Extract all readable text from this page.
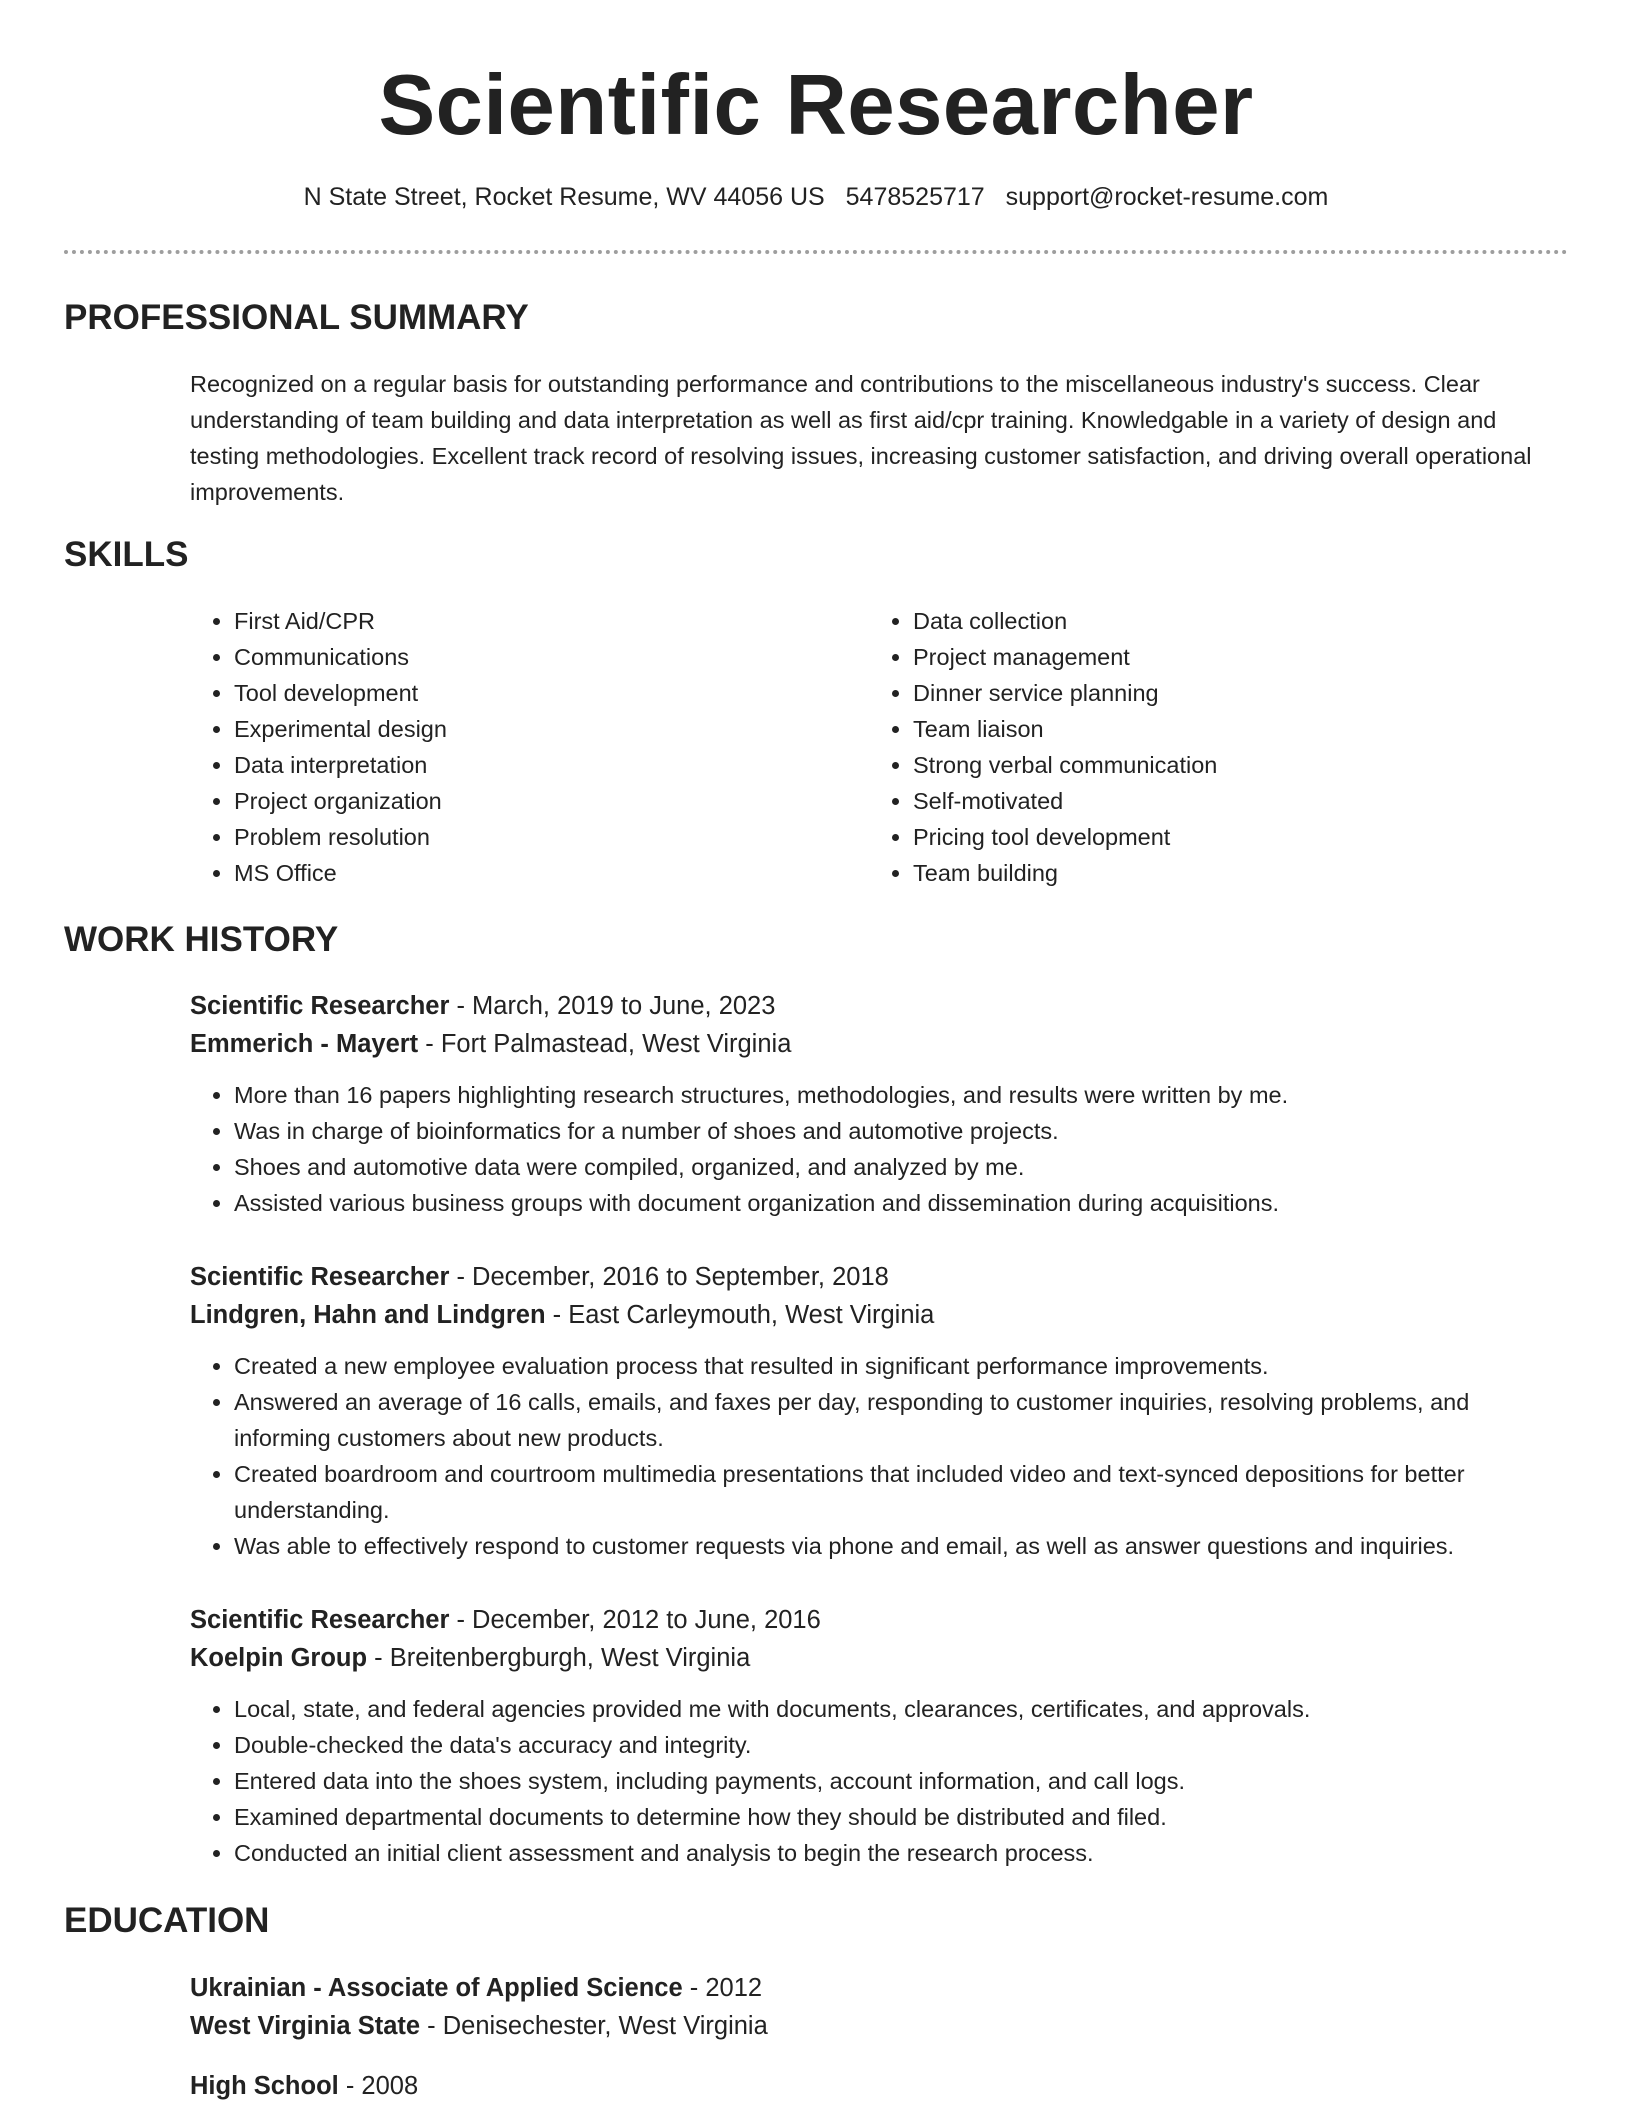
Scientific Researcher
N State Street, Rocket Resume, WV 44056 US 5478525717 support@rocket-resume.com
PROFESSIONAL SUMMARY

Recognized on a regular basis for outstanding performance and contributions to the miscellaneous industry's success. Clear understanding of team building and data interpretation as well as first aid/cpr training. Knowledgable in a variety of design and testing methodologies. Excellent track record of resolving issues, increasing customer satisfaction, and driving overall operational improvements.

SKILLS
• First Aid/CPR
• Communications
• Tool development
• Experimental design
• Data interpretation
• Project organization
• Problem resolution
• MS Office
• Data collection
• Project management
• Dinner service planning
• Team liaison
• Strong verbal communication
• Self-motivated
• Pricing tool development
• Team building
WORK HISTORY

Scientific Researcher - March, 2019 to June, 2023

Emmerich - Mayert - Fort Palmastead, West Virginia

• More than 16 papers highlighting research structures, methodologies, and results were written by me.
• Was in charge of bioinformatics for a number of shoes and automotive projects.
• Shoes and automotive data were compiled, organized, and analyzed by me.
• Assisted various business groups with document organization and dissemination during acquisitions.

Scientific Researcher - December, 2016 to September, 2018

Lindgren, Hahn and Lindgren - East Carleymouth, West Virginia

• Created a new employee evaluation process that resulted in significant performance improvements.
• Answered an average of 16 calls, emails, and faxes per day, responding to customer inquiries, resolving problems, and informing customers about new products.
• Created boardroom and courtroom multimedia presentations that included video and text-synced depositions for better understanding.
• Was able to effectively respond to customer requests via phone and email, as well as answer questions and inquiries.

Scientific Researcher - December, 2012 to June, 2016

Koelpin Group - Breitenbergburgh, West Virginia

• Local, state, and federal agencies provided me with documents, clearances, certificates, and approvals.
• Double-checked the data's accuracy and integrity.
• Entered data into the shoes system, including payments, account information, and call logs.
• Examined departmental documents to determine how they should be distributed and filed.
• Conducted an initial client assessment and analysis to begin the research process.
EDUCATION

Ukrainian - Associate of Applied Science - 2012

West Virginia State - Denisechester, West Virginia

High School - 2008
